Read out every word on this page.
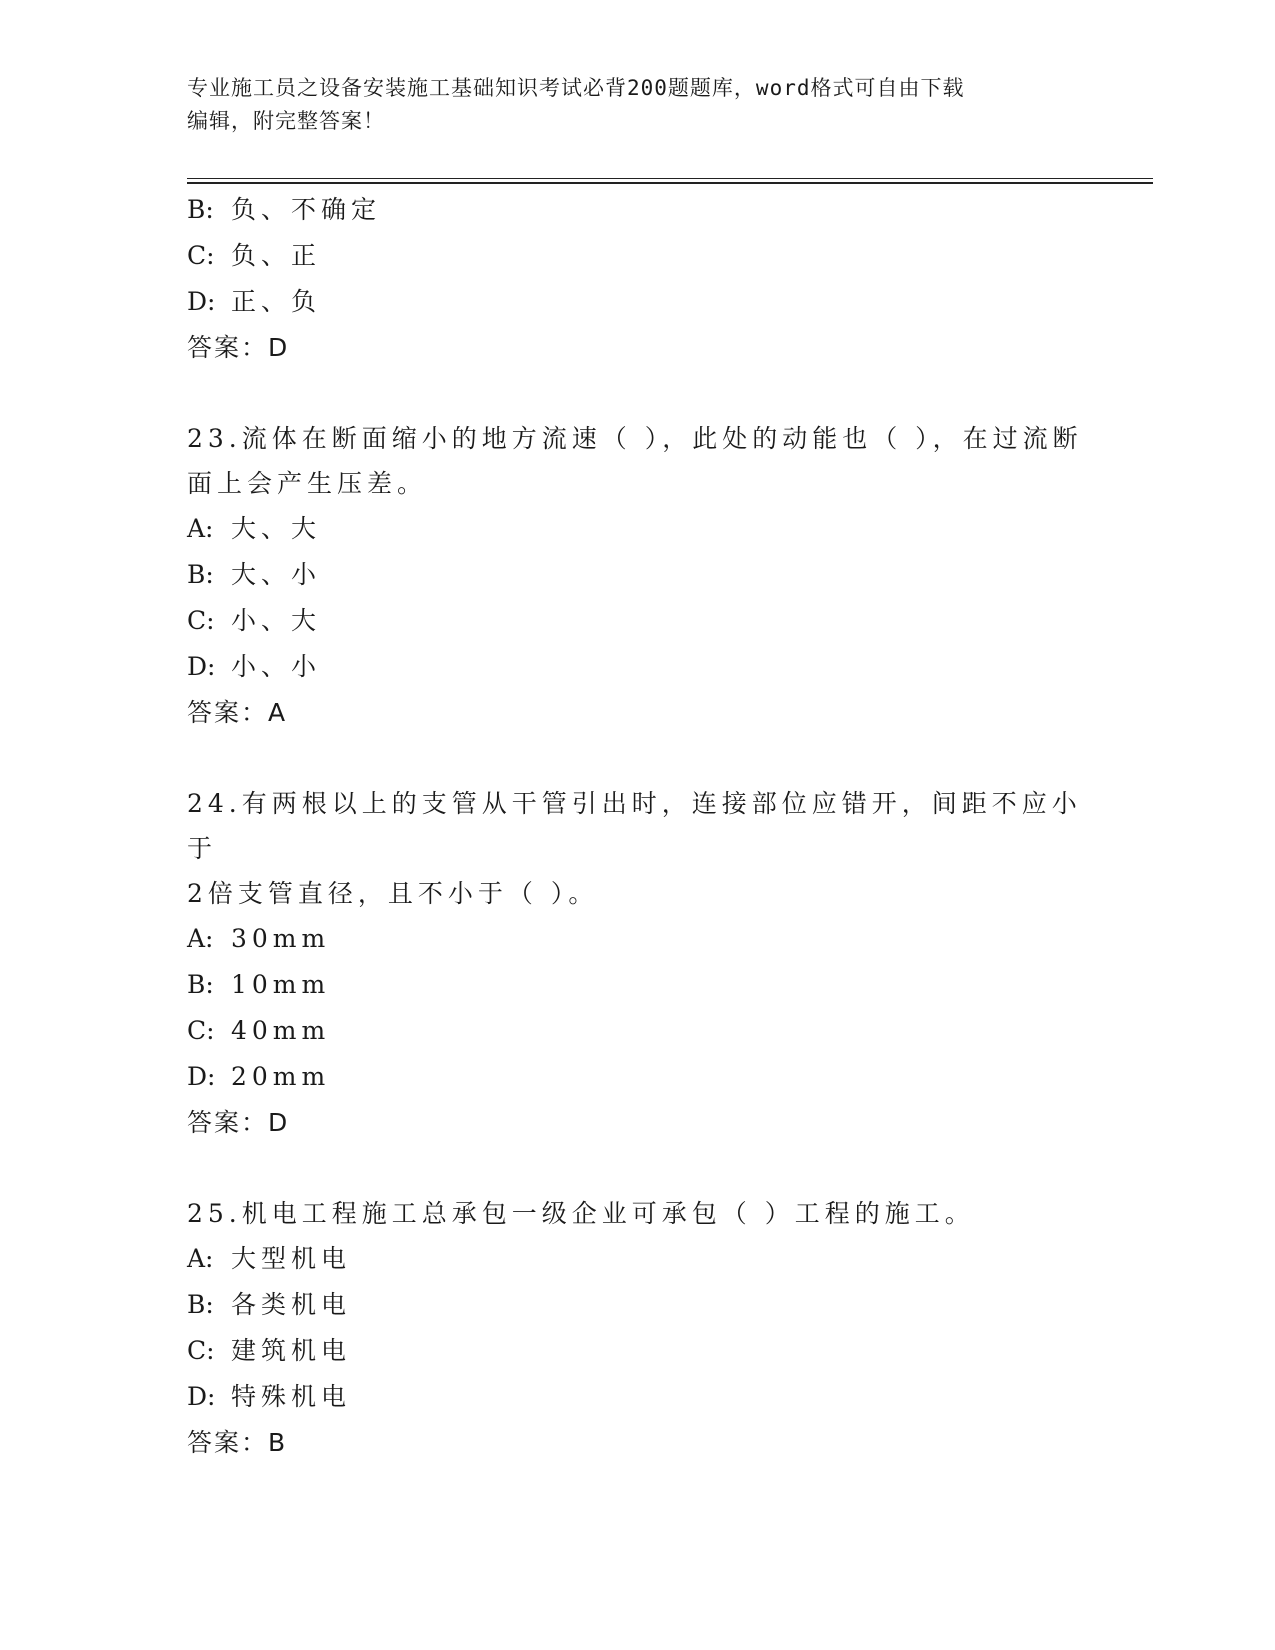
专业施工员之设备安装施工基础知识考试必背200题题库，word格式可自由下载
编辑，附完整答案！
B: 负、不确定
C: 负、正
D: 正、负
答案：D
23.流体在断面缩小的地方流速（ ），此处的动能也（ ），在过流断
面上会产生压差。
A: 大、大
B: 大、小
C: 小、大
D: 小、小
答案：A
24.有两根以上的支管从干管引出时，连接部位应错开，间距不应小于
2倍支管直径，且不小于（ ）。
A: 30mm
B: 10mm
C: 40mm
D: 20mm
答案：D
25.机电工程施工总承包一级企业可承包（ ）工程的施工。
A: 大型机电
B: 各类机电
C: 建筑机电
D: 特殊机电
答案：B
